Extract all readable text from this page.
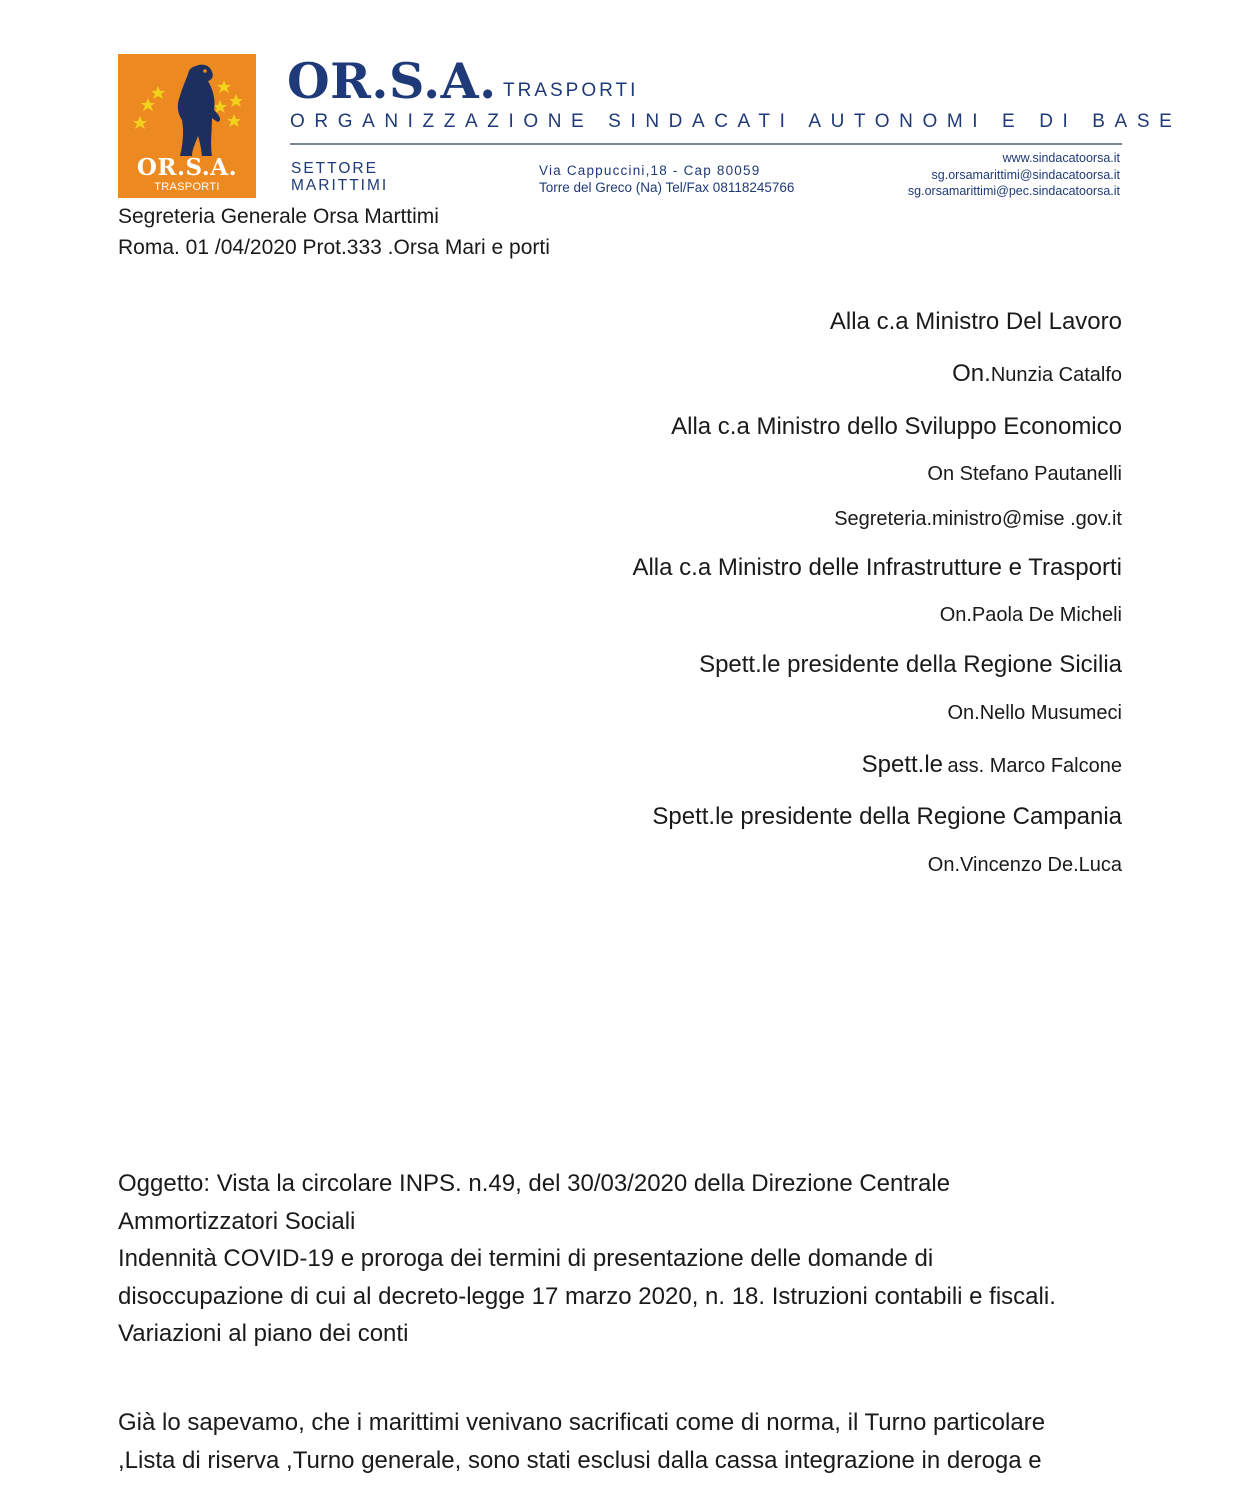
OR.S.A.
TRASPORTI
OR.S.A. TRASPORTI
ORGANIZZAZIONE SINDACATI AUTONOMI E DI BASE
SETTORE
MARITTIMI
Via Cappuccini,18 - Cap 80059
Torre del Greco (Na) Tel/Fax 08118245766
www.sindacatoorsa.it
sg.orsamarittimi@sindacatoorsa.it
sg.orsamarittimi@pec.sindacatoorsa.it
Segreteria Generale Orsa Marttimi
Roma. 01 /04/2020 Prot.333 .Orsa Mari e porti
Alla c.a Ministro Del Lavoro
On.Nunzia Catalfo
Alla c.a Ministro dello Sviluppo Economico
On Stefano Pautanelli
Segreteria.ministro@mise .gov.it
Alla c.a Ministro delle Infrastrutture e Trasporti
On.Paola De Micheli
Spett.le presidente della Regione Sicilia
On.Nello Musumeci
Spett.le ass. Marco Falcone
Spett.le presidente della Regione Campania
On.Vincenzo De.Luca
Oggetto: Vista la circolare INPS. n.49, del 30/03/2020 della Direzione Centrale
Ammortizzatori Sociali
Indennità COVID-19 e proroga dei termini di presentazione delle domande di
disoccupazione di cui al decreto-legge 17 marzo 2020, n. 18. Istruzioni contabili e fiscali.
Variazioni al piano dei conti
Già lo sapevamo, che i marittimi venivano sacrificati come di norma, il Turno particolare
,Lista di riserva ,Turno generale, sono stati esclusi dalla cassa integrazione in deroga e
